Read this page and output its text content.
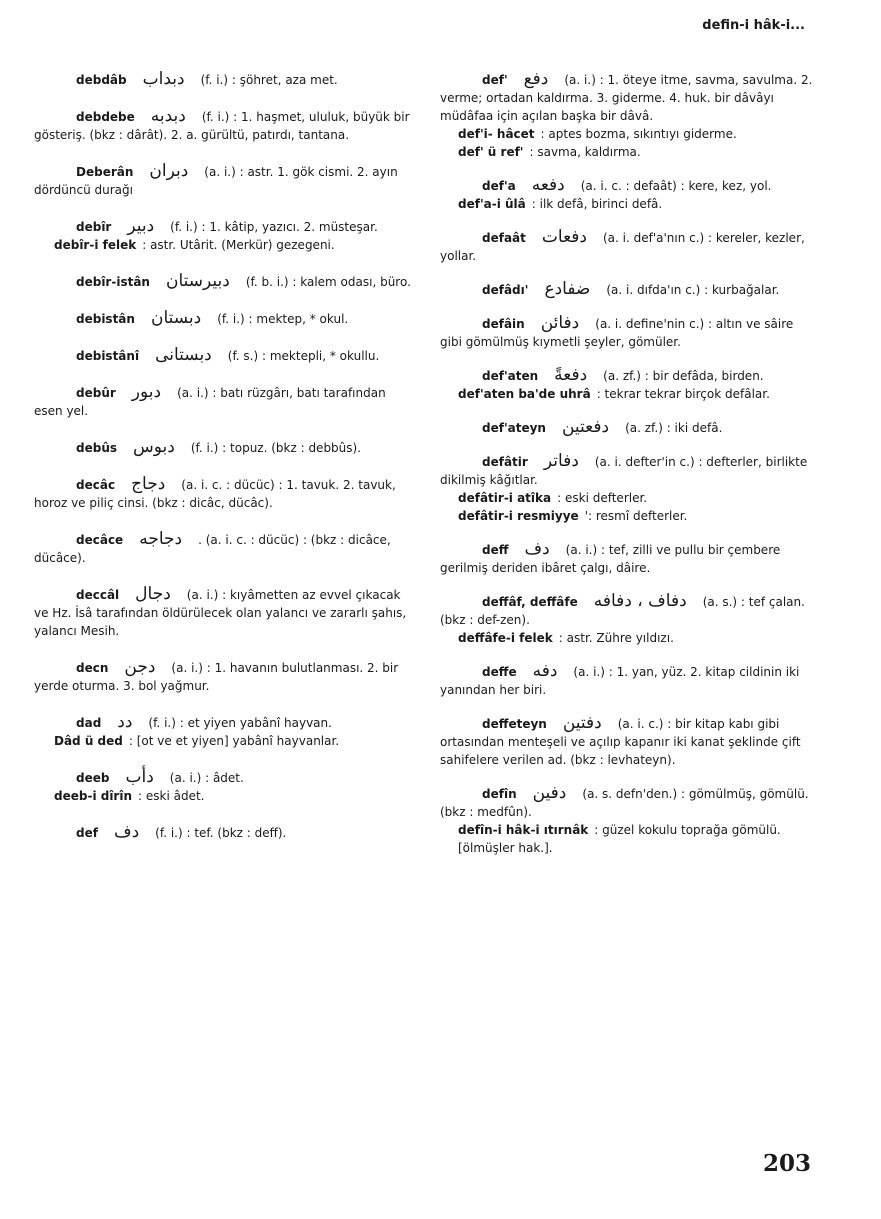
defin-i hâk-i...

debdâb دبداب (f. i.) : şöhret, aza met.

debdebe دبدبه (f. i.) : 1. haşmet, ululuk, büyük bir gösteriş. (bkz : dârât). 2. a. gürültü, patırdı, tantana.

Deberân دبران (a. i.) : astr. 1. gök cismi. 2. ayın dördüncü durağı

debîr دبير (f. i.) : 1. kâtip, yazıcı. 2. müsteşar.

debîr-i felek : astr. Utârit. (Merkür) gezegeni.

debîr-istân دبيرستان (f. b. i.) : kalem odası, büro.

debistân دبستان (f. i.) : mektep, * okul.

debistânî دبستانى (f. s.) : mektepli, * okullu.

debûr دبور (a. i.) : batı rüzgârı, batı tarafından esen yel.

debûs دبوس (f. i.) : topuz. (bkz : debbûs).

decâc دجاج (a. i. c. : dücüc) : 1. tavuk. 2. tavuk, horoz ve piliç cinsi. (bkz : dicâc, dücâc).

decâce دجاجه . (a. i. c. : dücüc) : (bkz : dicâce, dücâce).

deccâl دجال (a. i.) : kıyâmetten az evvel çıkacak ve Hz. İsâ tarafından öldürülecek olan yalancı ve zararlı şahıs, yalancı Mesih.

decn دجن (a. i.) : 1. havanın bulutlanması. 2. bir yerde oturma. 3. bol yağmur.

dad دد (f. i.) : et yiyen yabânî hayvan.

Dâd ü ded : [ot ve et yiyen] yabânî hayvanlar.

deeb دأب (a. i.) : âdet.

deeb-i dîrîn : eski âdet.

def دف (f. i.) : tef. (bkz : deff).

def' دفع (a. i.) : 1. öteye itme, savma, savulma. 2. verme; ortadan kaldırma. 3. giderme. 4. huk. bir dâvâyı müdâfaa için açılan başka bir dâvâ.

def'i- hâcet : aptes bozma, sıkıntıyı giderme.

def' ü ref' : savma, kaldırma.

def'a دفعه (a. i. c. : defaât) : kere, kez, yol.

def'a-i ûlâ : ilk defâ, birinci defâ.

defaât دفعات (a. i. def'a'nın c.) : kereler, kezler, yollar.

defâdı' ضفادع (a. i. dıfda'ın c.) : kurbağalar.

defâin دفائن (a. i. define'nin c.) : altın ve sâire gibi gömülmüş kıymetli şeyler, gömüler.

def'aten دفعةً (a. zf.) : bir defâda, birden.

def'aten ba'de uhrâ : tekrar tekrar birçok defâlar.

def'ateyn دفعتين (a. zf.) : iki defâ.

defâtir دفاتر (a. i. defter'in c.) : defterler, birlikte dikilmiş kâğıtlar.

defâtir-i atîka : eski defterler.

defâtir-i resmiyye ': resmî defterler.

deff دف (a. i.) : tef, zilli ve pullu bir çembere gerilmiş deriden ibâret çalgı, dâire.

deffâf, deffâfe دفاف ، دفافه (a. s.) : tef çalan. (bkz : def-zen).

deffâfe-i felek : astr. Zühre yıldızı.

deffe دفه (a. i.) : 1. yan, yüz. 2. kitap cildinin iki yanından her biri.

deffeteyn دفتين (a. i. c.) : bir kitap kabı gibi ortasından menteşeli ve açılıp kapanır iki kanat şeklinde çift sahifelere verilen ad. (bkz : levhateyn).

defîn دفين (a. s. defn'den.) : gömülmüş, gömülü. (bkz : medfûn).

defîn-i hâk-i ıtırnâk : güzel kokulu toprağa gömülü. [ölmüşler hak.].

203
